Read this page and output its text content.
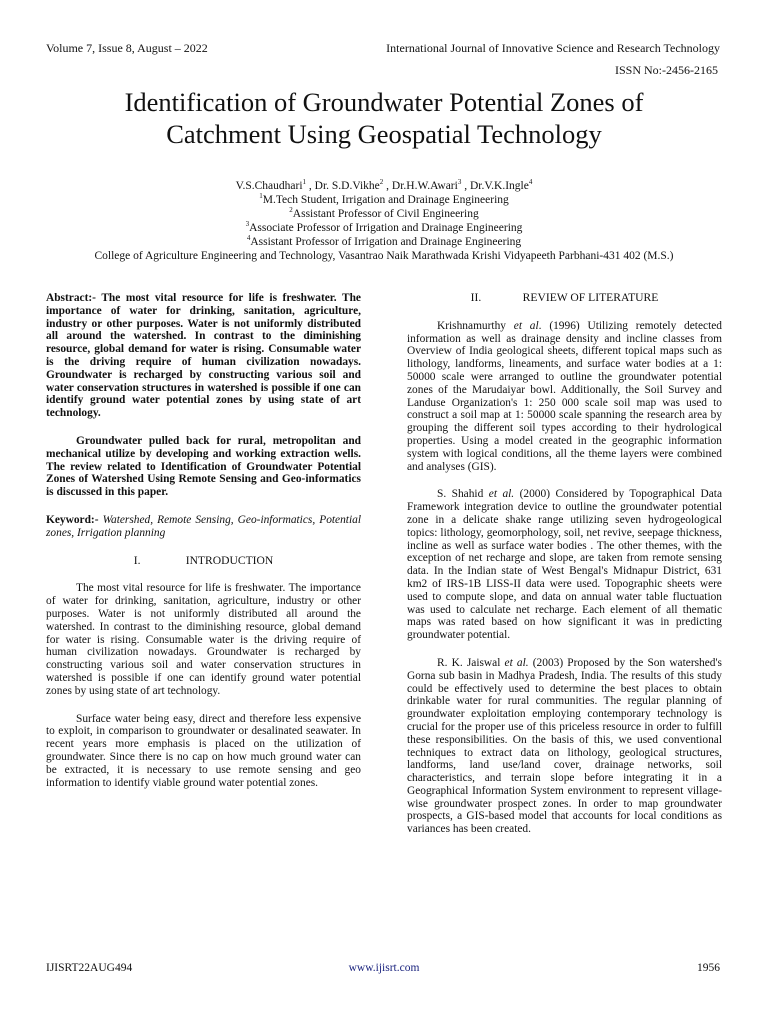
Volume 7, Issue 8, August – 2022	International Journal of Innovative Science and Research Technology
ISSN No:-2456-2165
Identification of Groundwater Potential Zones of
Catchment Using Geospatial Technology
V.S.Chaudhari$^1$ , Dr. S.D.Vikhe$^2$ , Dr.H.W.Awari$^3$ , Dr.V.K.Ingle$^4$
$^1$M.Tech Student, Irrigation and Drainage Engineering
$^2$Assistant Professor of Civil Engineering
$^3$Associate Professor of Irrigation and Drainage Engineering
$^4$Assistant Professor of Irrigation and Drainage Engineering
College of Agriculture Engineering and Technology, Vasantrao Naik Marathwada Krishi Vidyapeeth Parbhani-431 402 (M.S.)

Abstract:- The most vital resource for life is freshwater. The importance of water for drinking, sanitation, agriculture, industry or other purposes. Water is not uniformly distributed all around the watershed. In contrast to the diminishing resource, global demand for water is rising. Consumable water is the driving require of human civilization nowadays. Groundwater is recharged by constructing various soil and water conservation structures in watershed is possible if one can identify ground water potential zones by using state of art technology.

Groundwater pulled back for rural, metropolitan and mechanical utilize by developing and working extraction wells. The review related to Identification of Groundwater Potential Zones of Watershed Using Remote Sensing and Geo-informatics is discussed in this paper.

Keyword:- Watershed, Remote Sensing, Geo-informatics, Potential zones, Irrigation planning

I.	INTRODUCTION

The most vital resource for life is freshwater. The importance of water for drinking, sanitation, agriculture, industry or other purposes. Water is not uniformly distributed all around the watershed. In contrast to the diminishing resource, global demand for water is rising. Consumable water is the driving require of human civilization nowadays. Groundwater is recharged by constructing various soil and water conservation structures in watershed is possible if one can identify ground water potential zones by using state of art technology.

Surface water being easy, direct and therefore less expensive to exploit, in comparison to groundwater or desalinated seawater. In recent years more emphasis is placed on the utilization of groundwater. Since there is no cap on how much ground water can be extracted, it is necessary to use remote sensing and geo information to identify viable ground water potential zones.

II.	REVIEW OF LITERATURE

Krishnamurthy et al. (1996) Utilizing remotely detected information as well as drainage density and incline classes from Overview of India geological sheets, different topical maps such as lithology, landforms, lineaments, and surface water bodies at a 1: 50000 scale were arranged to outline the groundwater potential zones of the Marudaiyar bowl. Additionally, the Soil Survey and Landuse Organization's 1: 250 000 scale soil map was used to construct a soil map at 1: 50000 scale spanning the research area by grouping the different soil types according to their hydrological properties. Using a model created in the geographic information system with logical conditions, all the theme layers were combined and analyses (GIS).

S. Shahid et al. (2000) Considered by Topographical Data Framework integration device to outline the groundwater potential zone in a delicate shake range utilizing seven hydrogeological topics: lithology, geomorphology, soil, net revive, seepage thickness, incline as well as surface water bodies . The other themes, with the exception of net recharge and slope, are taken from remote sensing data. In the Indian state of West Bengal's Midnapur District, 631 km2 of IRS-1B LISS-II data were used. Topographic sheets were used to compute slope, and data on annual water table fluctuation was used to calculate net recharge. Each element of all thematic maps was rated based on how significant it was in predicting groundwater potential.

R. K. Jaiswal et al. (2003) Proposed by the Son watershed's Gorna sub basin in Madhya Pradesh, India. The results of this study could be effectively used to determine the best places to obtain drinkable water for rural communities. The regular planning of groundwater exploitation employing contemporary technology is crucial for the proper use of this priceless resource in order to fulfill these responsibilities. On the basis of this, we used conventional techniques to extract data on lithology, geological structures, landforms, land use/land cover, drainage networks, soil characteristics, and terrain slope before integrating it in a Geographical Information System environment to represent village-wise groundwater prospect zones. In order to map groundwater prospects, a GIS-based model that accounts for local conditions as variances has been created.

IJISRT22AUG494	www.ijisrt.com	1956
